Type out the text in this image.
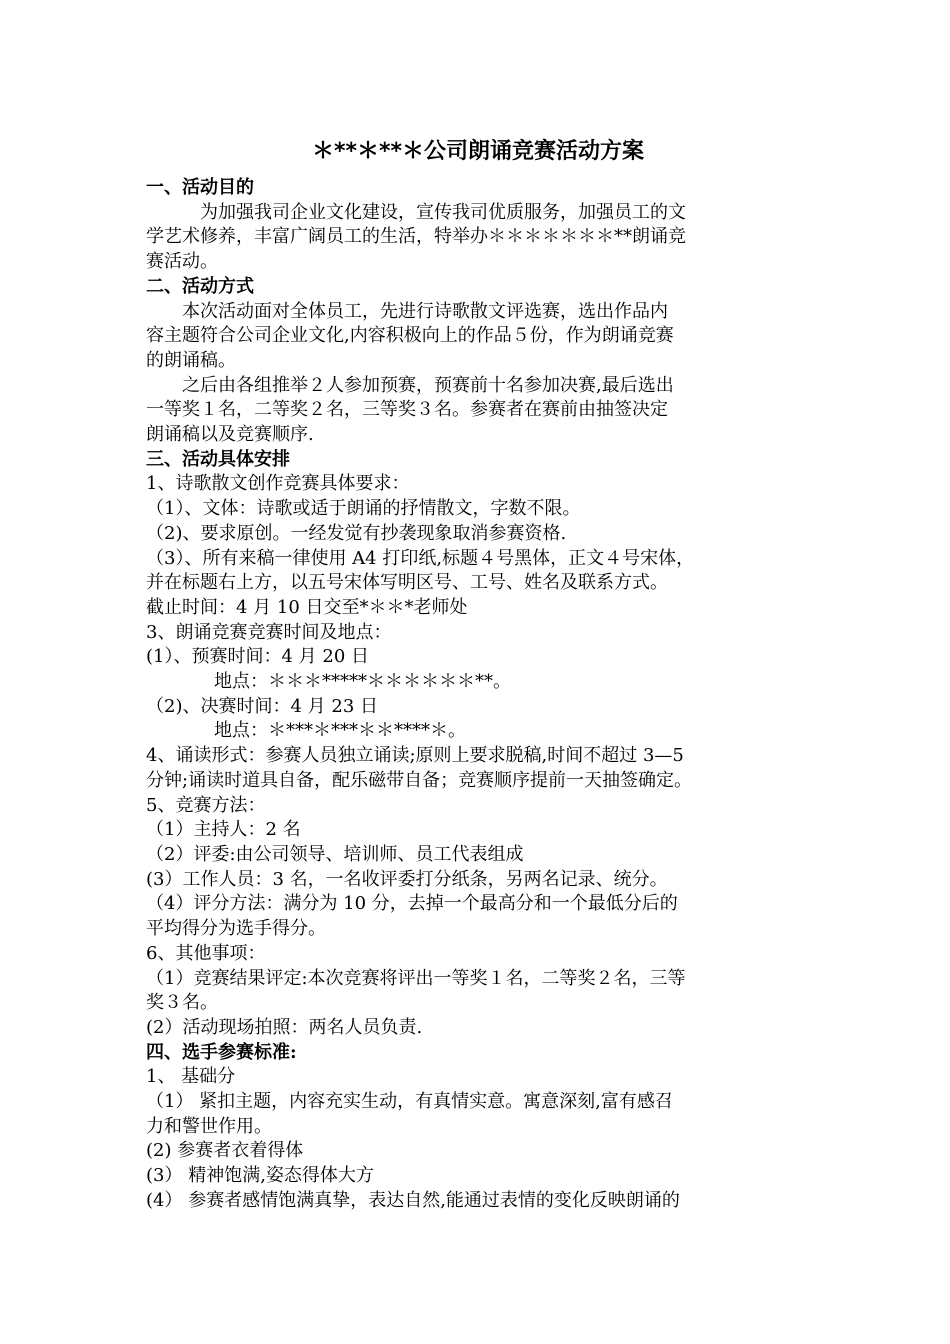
＊**＊**＊公司朗诵竞赛活动方案

一、活动目的

为加强我司企业文化建设，宣传我司优质服务，加强员工的文

学艺术修养，丰富广阔员工的生活，特举办＊＊＊＊＊＊＊**朗诵竞

赛活动。

二、活动方式

本次活动面对全体员工，先进行诗歌散文评选赛，选出作品内

容主题符合公司企业文化,内容积极向上的作品５份，作为朗诵竞赛

的朗诵稿。

之后由各组推举２人参加预赛，预赛前十名参加决赛,最后选出

一等奖１名，二等奖２名，三等奖３名。参赛者在赛前由抽签决定

朗诵稿以及竞赛顺序.

三、活动具体安排

1、诗歌散文创作竞赛具体要求：

（1）、文体：诗歌或适于朗诵的抒情散文，字数不限。

（2)、要求原创。一经发觉有抄袭现象取消参赛资格.

（3）、所有来稿一律使用 A4 打印纸,标题４号黑体，正文４号宋体，

并在标题右上方，以五号宋体写明区号、工号、姓名及联系方式。

截止时间：4 月 10 日交至*＊＊*老师处

3、朗诵竞赛竞赛时间及地点：

(1）、预赛时间：4 月 20 日

地点：＊＊＊*****＊＊＊＊＊＊**。

（2)、决赛时间：4 月 23 日

地点：＊***＊***＊＊****＊。

4、诵读形式：参赛人员独立诵读;原则上要求脱稿,时间不超过 3—5

分钟;诵读时道具自备，配乐磁带自备；竞赛顺序提前一天抽签确定。

5、竞赛方法：

（1）主持人：2 名

（2）评委:由公司领导、培训师、员工代表组成

(3）工作人员：3 名，一名收评委打分纸条，另两名记录、统分。

（4）评分方法：满分为 10 分，去掉一个最高分和一个最低分后的

平均得分为选手得分。

6、其他事项：

（1）竞赛结果评定:本次竞赛将评出一等奖１名，二等奖２名，三等

奖３名。

(2）活动现场拍照：两名人员负责.

四、选手参赛标准:

1、 基础分

（1） 紧扣主题，内容充实生动，有真情实意。寓意深刻,富有感召

力和警世作用。

(2) 参赛者衣着得体

(3） 精神饱满,姿态得体大方

(4） 参赛者感情饱满真挚，表达自然,能通过表情的变化反映朗诵的
